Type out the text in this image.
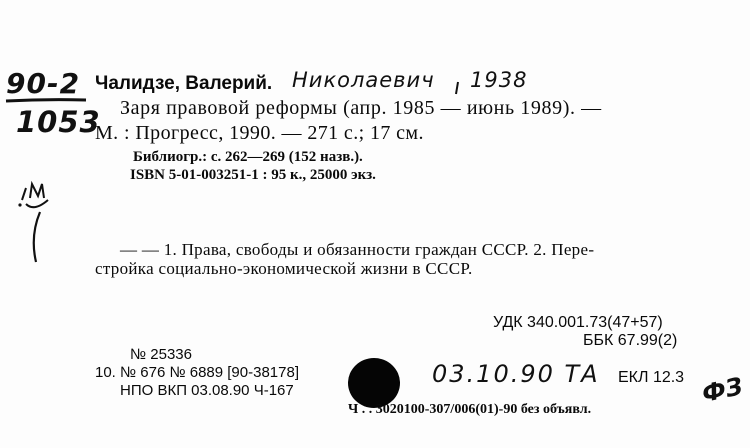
90-2
1053
Чалидзе, Валерий. Николаевич 1938
Заря правовой реформы (апр. 1985 — июнь 1989). —
М. : Прогресс, 1990. — 271 с.; 17 см.
Библиогр.: с. 262—269 (152 назв.).
ISBN 5-01-003251-1 : 95 к., 25000 экз.
— — 1. Права, свободы и обязанности граждан СССР. 2. Пере-
стройка социально-экономической жизни в СССР.
УДК 340.001.73(47+57)
ББК 67.99(2)
№ 25336
10. № 676 № 6889 [90-38178]
НПО ВКП 03.08.90 Ч-167
03.10.90 ТА ЕКЛ 12.3 ФЗ
Ч . . 3020100-307/006(01)-90 без объявл.
